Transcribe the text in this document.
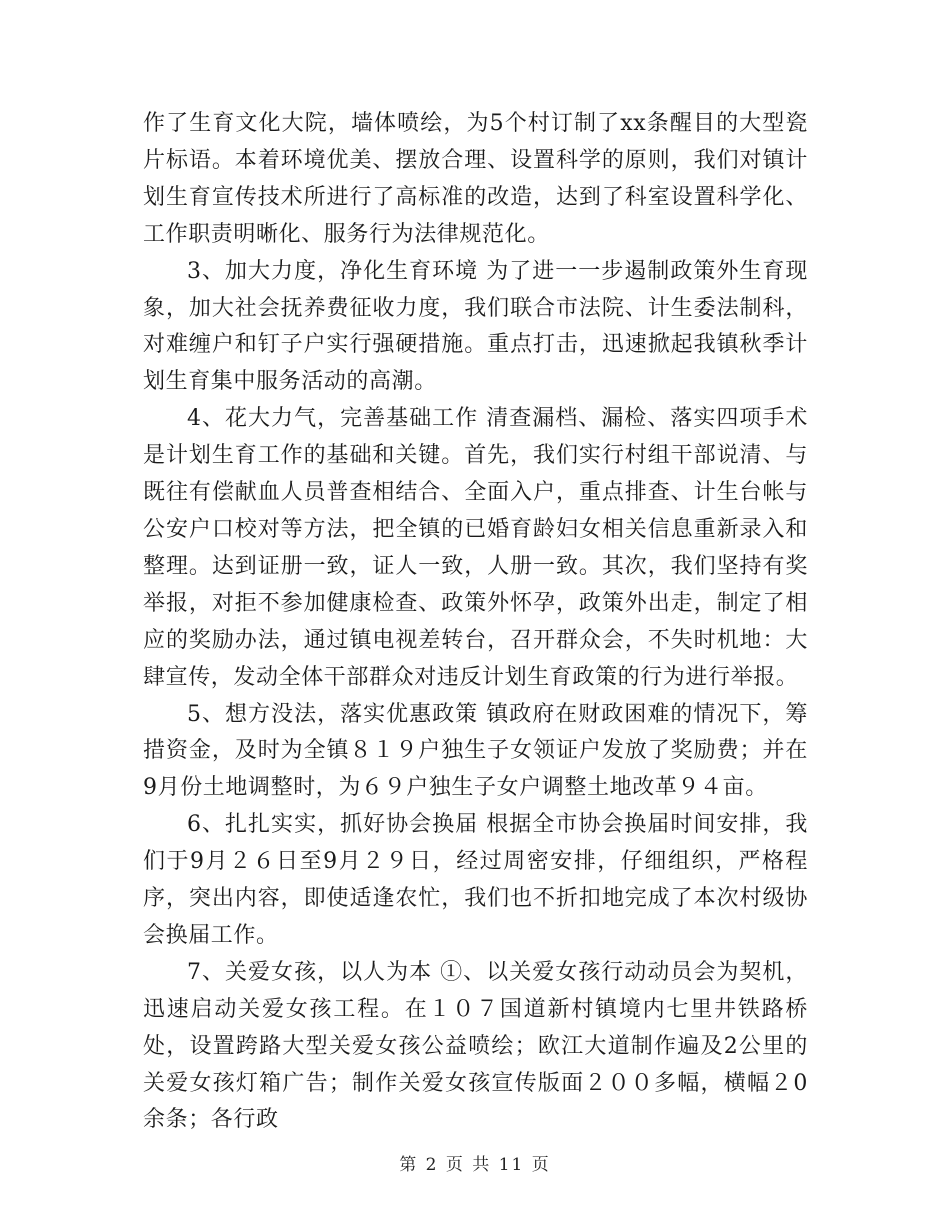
作了生育文化大院，墙体喷绘，为5个村订制了xx条醒目的大型瓷片标语。本着环境优美、摆放合理、设置科学的原则，我们对镇计划生育宣传技术所进行了高标准的改造，达到了科室设置科学化、工作职责明晰化、服务行为法律规范化。

3、加大力度，净化生育环境 为了进一一步遏制政策外生育现象，加大社会抚养费征收力度，我们联合市法院、计生委法制科，对难缠户和钉子户实行强硬措施。重点打击，迅速掀起我镇秋季计划生育集中服务活动的高潮。

4、花大力气，完善基础工作 清查漏档、漏检、落实四项手术是计划生育工作的基础和关键。首先，我们实行村组干部说清、与既往有偿献血人员普查相结合、全面入户，重点排查、计生台帐与公安户口校对等方法，把全镇的已婚育龄妇女相关信息重新录入和整理。达到证册一致，证人一致，人册一致。其次，我们坚持有奖举报，对拒不参加健康检查、政策外怀孕，政策外出走，制定了相应的奖励办法，通过镇电视差转台，召开群众会，不失时机地：大肆宣传，发动全体干部群众对违反计划生育政策的行为进行举报。

5、想方没法，落实优惠政策 镇政府在财政困难的情况下，筹措资金，及时为全镇８１９户独生子女领证户发放了奖励费；并在9月份土地调整时，为６９户独生子女户调整土地改革９４亩。

6、扎扎实实，抓好协会换届 根据全市协会换届时间安排，我们于9月２６日至9月２９日，经过周密安排，仔细组织，严格程序，突出内容，即使适逢农忙，我们也不折扣地完成了本次村级协会换届工作。

7、关爱女孩，以人为本 ①、以关爱女孩行动动员会为契机，迅速启动关爱女孩工程。在１０７国道新村镇境内七里井铁路桥处，设置跨路大型关爱女孩公益喷绘；欧江大道制作遍及2公里的关爱女孩灯箱广告；制作关爱女孩宣传版面２００多幅，横幅２0余条；各行政

第 2 页 共 11 页
